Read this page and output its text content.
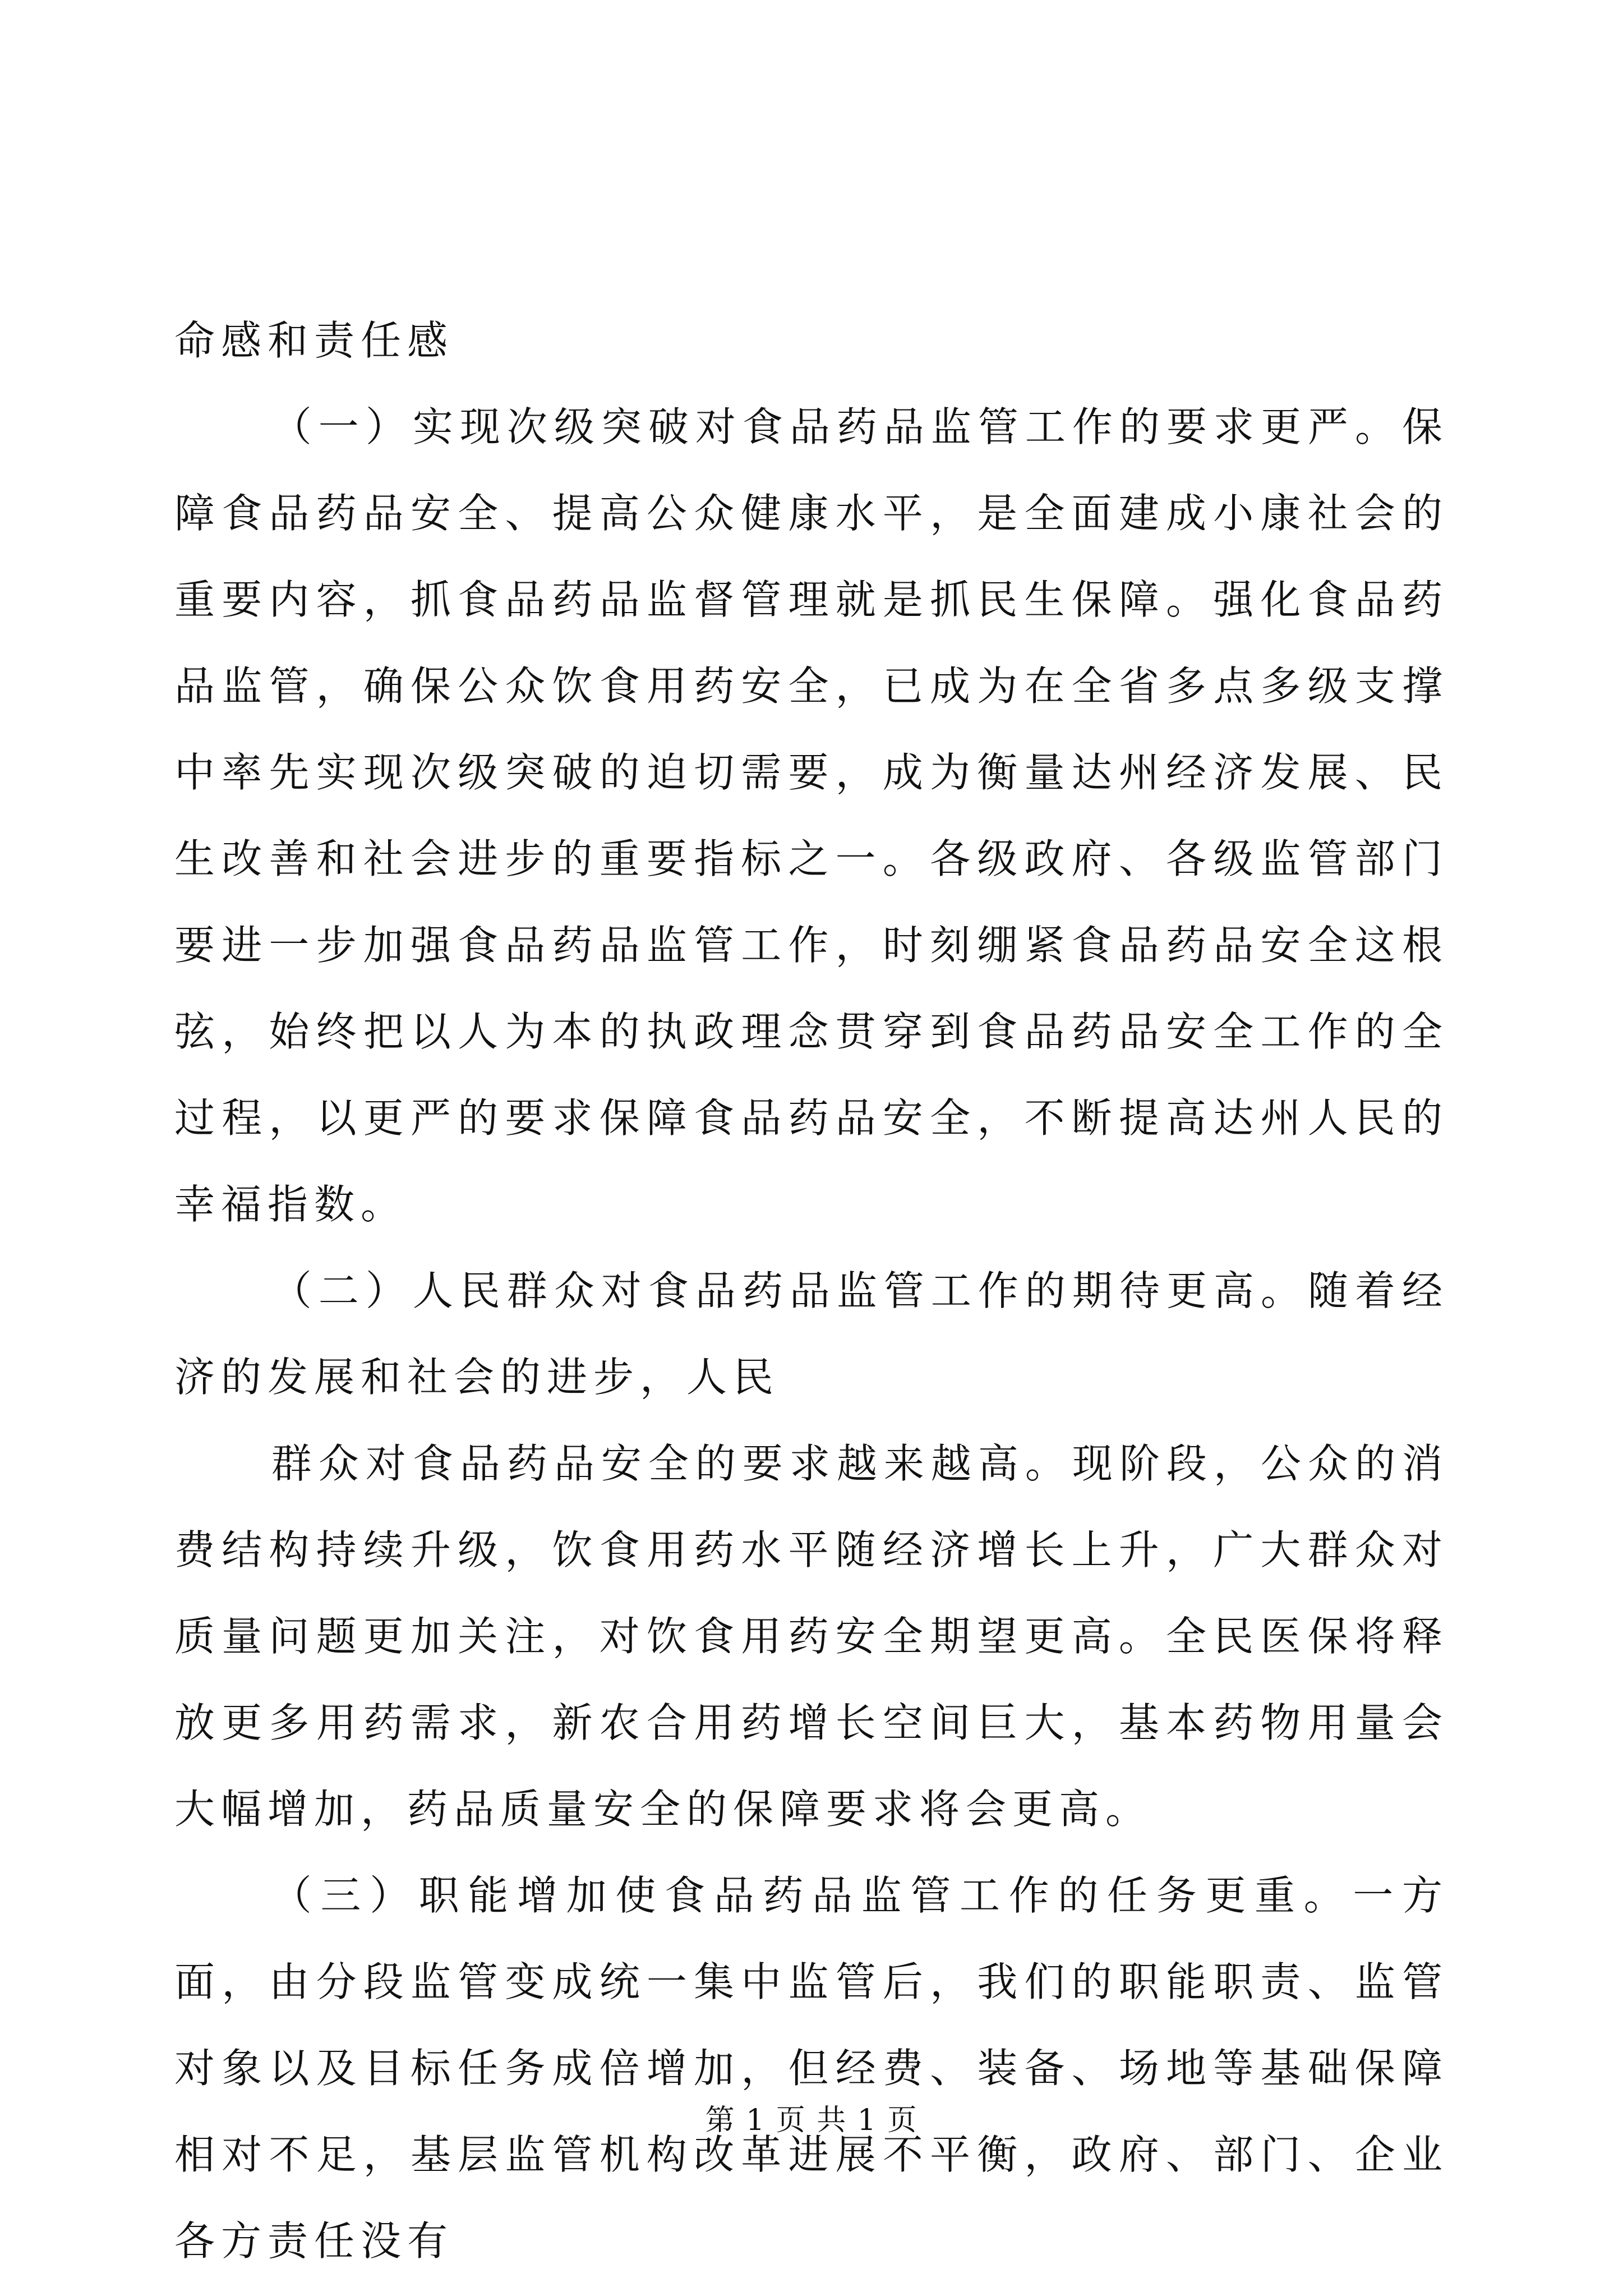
命感和责任感

（一）实现次级突破对食品药品监管工作的要求更严。保障食品药品安全、提高公众健康水平，是全面建成小康社会的重要内容，抓食品药品监督管理就是抓民生保障。强化食品药品监管，确保公众饮食用药安全，已成为在全省多点多级支撑中率先实现次级突破的迫切需要，成为衡量达州经济发展、民生改善和社会进步的重要指标之一。各级政府、各级监管部门要进一步加强食品药品监管工作，时刻绷紧食品药品安全这根弦，始终把以人为本的执政理念贯穿到食品药品安全工作的全过程，以更严的要求保障食品药品安全，不断提高达州人民的幸福指数。

（二）人民群众对食品药品监管工作的期待更高。随着经济的发展和社会的进步，人民

群众对食品药品安全的要求越来越高。现阶段，公众的消费结构持续升级，饮食用药水平随经济增长上升，广大群众对质量问题更加关注，对饮食用药安全期望更高。全民医保将释放更多用药需求，新农合用药增长空间巨大，基本药物用量会大幅增加，药品质量安全的保障要求将会更高。

（三）职能增加使食品药品监管工作的任务更重。一方面，由分段监管变成统一集中监管后，我们的职能职责、监管对象以及目标任务成倍增加，但经费、装备、场地等基础保障相对不足，基层监管机构改革进展不平衡，政府、部门、企业各方责任没有

第 1 页 共 1 页
